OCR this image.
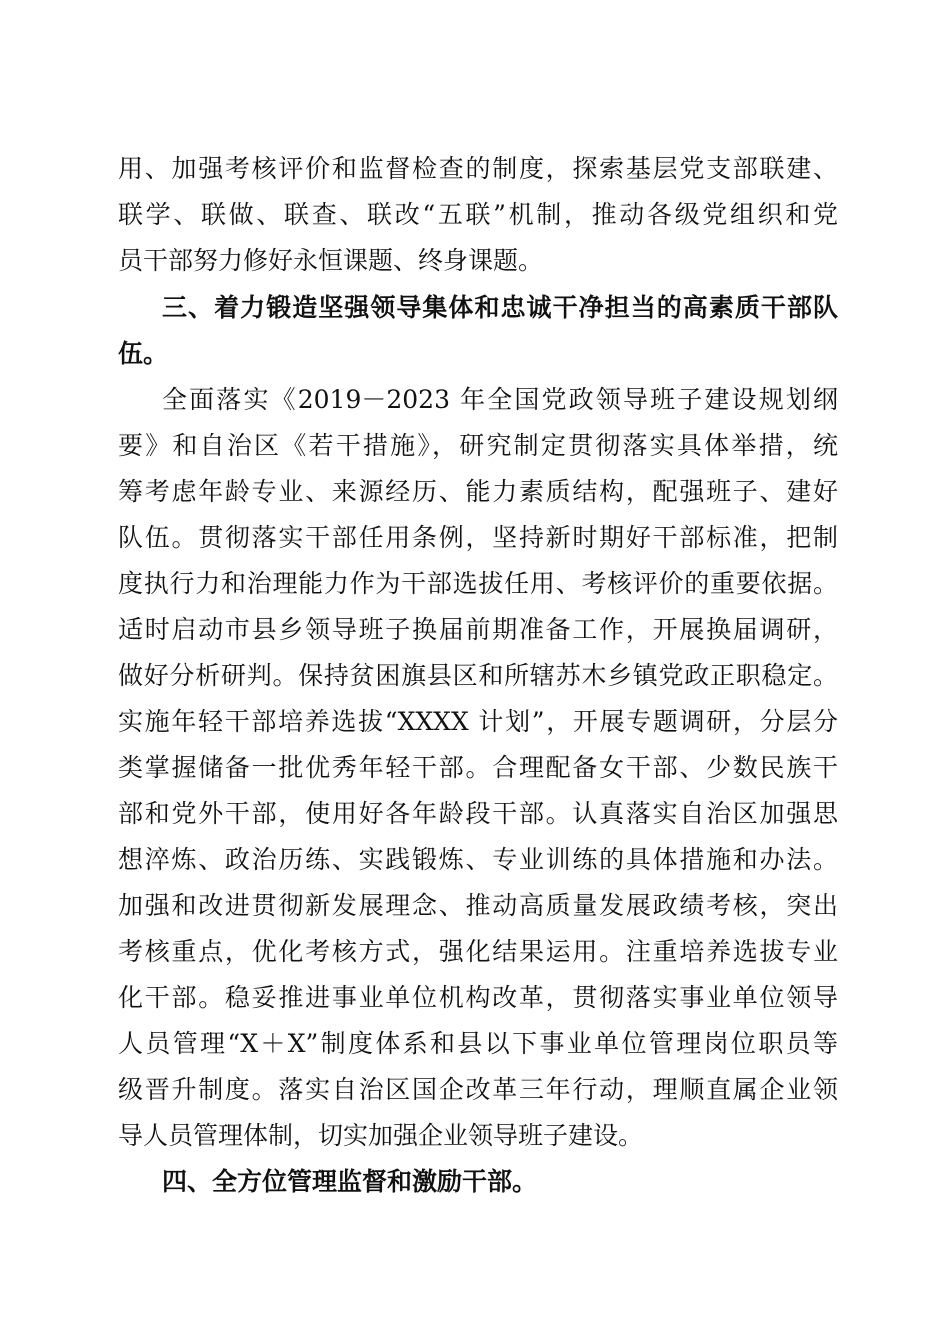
用、加强考核评价和监督检查的制度，探索基层党支部联建、
联学、联做、联查、联改“五联”机制，推动各级党组织和党
员干部努力修好永恒课题、终身课题。
三、着力锻造坚强领导集体和忠诚干净担当的高素质干部队
伍。
全面落实《2019－2023 年全国党政领导班子建设规划纲
要》和自治区《若干措施》，研究制定贯彻落实具体举措，统
筹考虑年龄专业、来源经历、能力素质结构，配强班子、建好
队伍。贯彻落实干部任用条例，坚持新时期好干部标准，把制
度执行力和治理能力作为干部选拔任用、考核评价的重要依据。
适时启动市县乡领导班子换届前期准备工作，开展换届调研，
做好分析研判。保持贫困旗县区和所辖苏木乡镇党政正职稳定。
实施年轻干部培养选拔“XXXX 计划”，开展专题调研，分层分
类掌握储备一批优秀年轻干部。合理配备女干部、少数民族干
部和党外干部，使用好各年龄段干部。认真落实自治区加强思
想淬炼、政治历练、实践锻炼、专业训练的具体措施和办法。
加强和改进贯彻新发展理念、推动高质量发展政绩考核，突出
考核重点，优化考核方式，强化结果运用。注重培养选拔专业
化干部。稳妥推进事业单位机构改革，贯彻落实事业单位领导
人员管理“X＋X”制度体系和县以下事业单位管理岗位职员等
级晋升制度。落实自治区国企改革三年行动，理顺直属企业领
导人员管理体制，切实加强企业领导班子建设。
四、全方位管理监督和激励干部。
